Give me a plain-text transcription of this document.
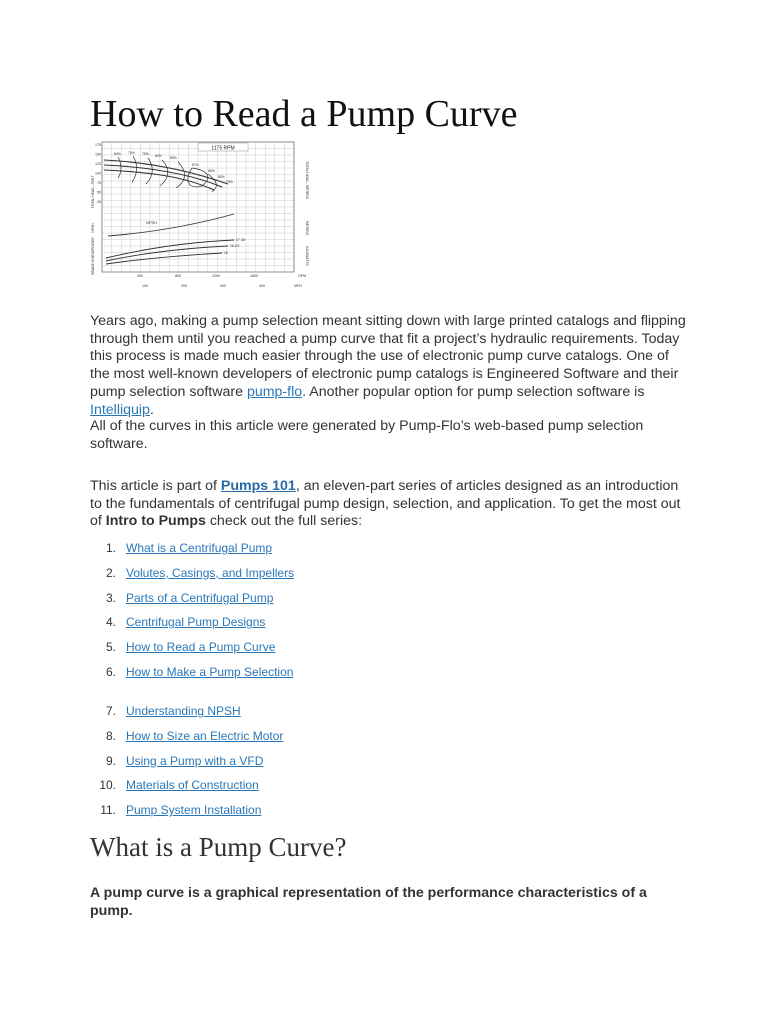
How to Read a Pump Curve
1175 RPM
60% 70% 75% 80% 85%
87%
85%
80%
75%
NPSH
17 3/4
16 1/2
15
175
150
125
100
75
50
25
400	800	1200	1600
100	200	300	400
GPM
M³/H
TOTAL HEAD - FEET
NPSH
BRAKE HORSEPOWER
TOTAL HEAD - METERS
METERS
KILOWATTS

Years ago, making a pump selection meant sitting down with large printed catalogs and flipping through them until you reached a pump curve that fit a project’s hydraulic requirements. Today this process is made much easier through the use of electronic pump curve catalogs. One of the most well-known developers of electronic pump catalogs is Engineered Software and their pump selection software pump-flo. Another popular option for pump selection software is Intelliquip.

All of the curves in this article were generated by Pump-Flo’s web-based pump selection software.

This article is part of Pumps 101, an eleven-part series of articles designed as an introduction to the fundamentals of centrifugal pump design, selection, and application. To get the most out of Intro to Pumps check out the full series:

1. What is a Centrifugal Pump
2. Volutes, Casings, and Impellers
3. Parts of a Centrifugal Pump
4. Centrifugal Pump Designs
5. How to Read a Pump Curve
6. How to Make a Pump Selection
7. Understanding NPSH
8. How to Size an Electric Motor
9. Using a Pump with a VFD
10. Materials of Construction
11. Pump System Installation
What is a Pump Curve?

A pump curve is a graphical representation of the performance characteristics of a pump.
